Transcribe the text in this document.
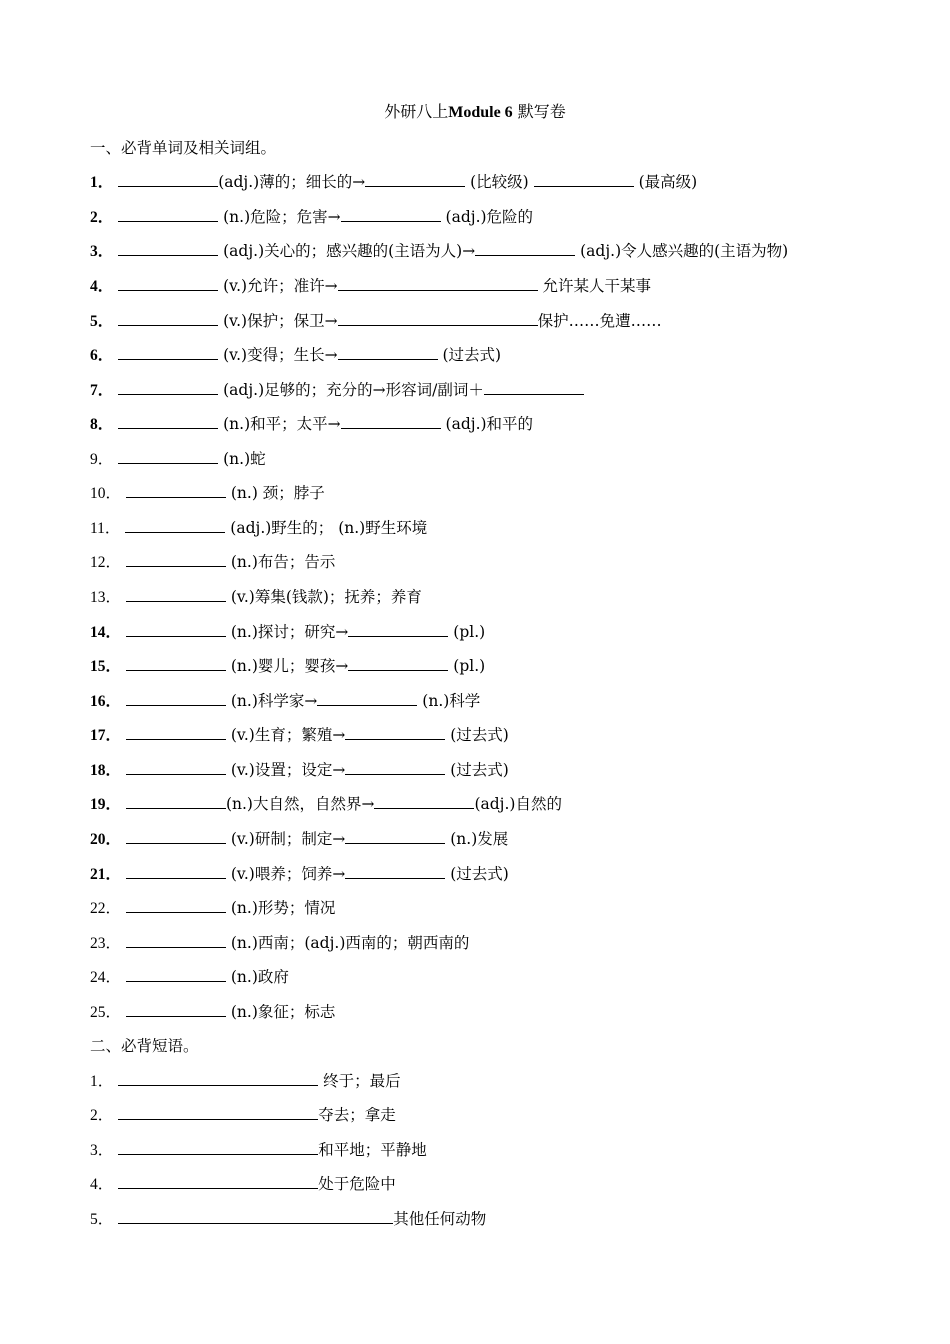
外研八上Module 6 默写卷
一、必背单词及相关词组。
1．	(adj.)薄的；细长的→	(比较级)	(最高级)
2．	(n.)危险；危害→	(adj.)危险的
3．	(adj.)关心的；感兴趣的(主语为人)→	(adj.)令人感兴趣的(主语为物)
4．	(v.)允许；准许→	允许某人干某事
5．	(v.)保护；保卫→	保护……免遭……
6．	(v.)变得；生长→	(过去式)
7．	(adj.)足够的；充分的→形容词/副词＋
8．	(n.)和平；太平→	(adj.)和平的
9．	(n.)蛇
10．	(n.) 颈；脖子
11．	(adj.)野生的； (n.)野生环境
12．	(n.)布告；告示
13．	(v.)筹集(钱款)；抚养；养育
14．	(n.)探讨；研究→	(pl.)
15．	(n.)婴儿；婴孩→	(pl.)
16．	(n.)科学家→	(n.)科学
17．	(v.)生育；繁殖→	(过去式)
18．	(v.)设置；设定→	(过去式)
19．	(n.)大自然，自然界→	(adj.)自然的
20．	(v.)研制；制定→	(n.)发展
21．	(v.)喂养；饲养→	(过去式)
22．	(n.)形势；情况
23．	(n.)西南；(adj.)西南的；朝西南的
24．	(n.)政府
25．	(n.)象征；标志
二、必背短语。
1．	终于；最后
2．	夺去；拿走
3．	和平地；平静地
4．	处于危险中
5．	其他任何动物
